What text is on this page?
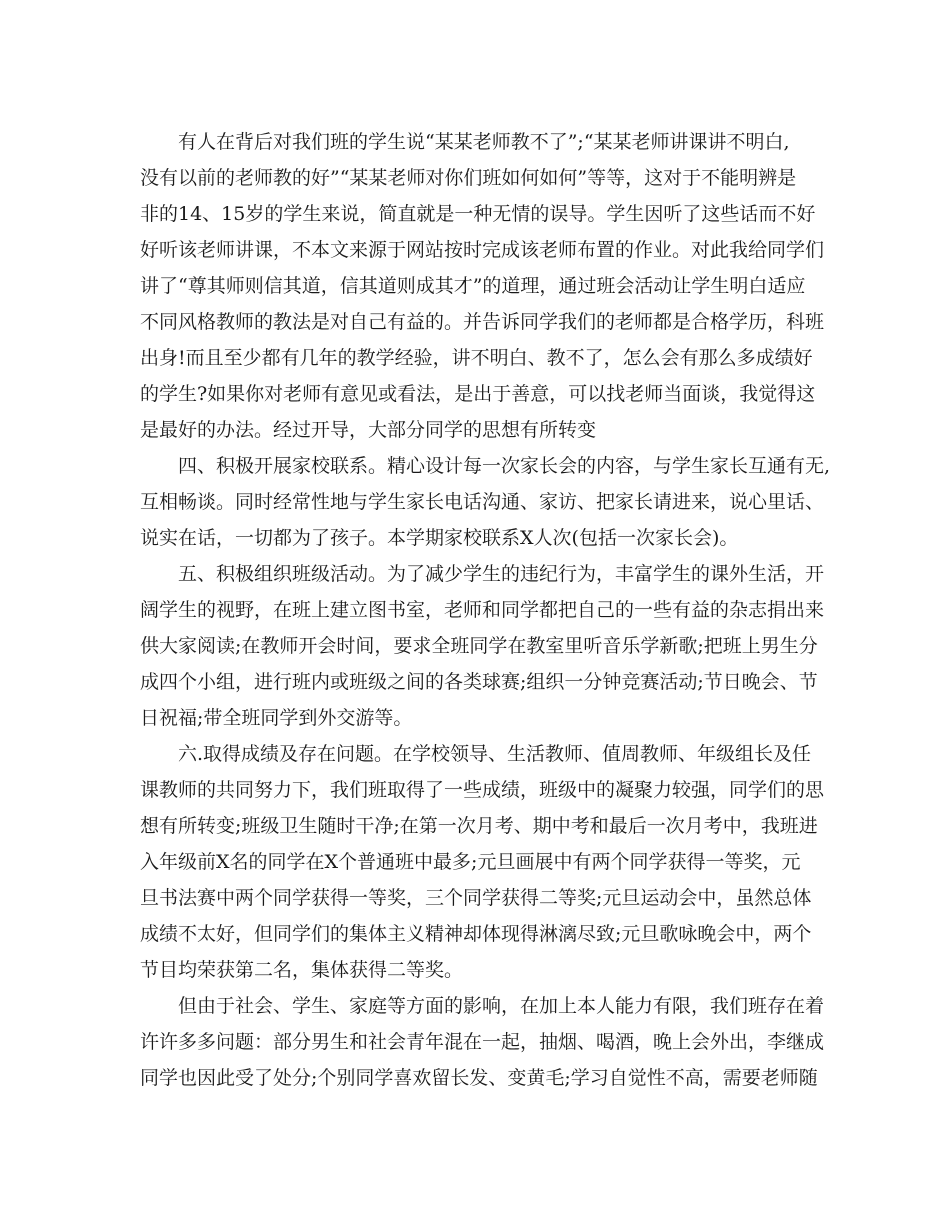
　　有人在背后对我们班的学生说“某某老师教不了”;“某某老师讲课讲不明白,

没有以前的老师教的好”“某某老师对你们班如何如何”等等，这对于不能明辨是

非的14、15岁的学生来说，简直就是一种无情的误导。学生因听了这些话而不好

好听该老师讲课，不本文来源于网站按时完成该老师布置的作业。对此我给同学们

讲了“尊其师则信其道，信其道则成其才”的道理，通过班会活动让学生明白适应

不同风格教师的教法是对自己有益的。并告诉同学我们的老师都是合格学历，科班

出身!而且至少都有几年的教学经验，讲不明白、教不了，怎么会有那么多成绩好

的学生?如果你对老师有意见或看法，是出于善意，可以找老师当面谈，我觉得这

是最好的办法。经过开导，大部分同学的思想有所转变

　　四、积极开展家校联系。精心设计每一次家长会的内容，与学生家长互通有无,

互相畅谈。同时经常性地与学生家长电话沟通、家访、把家长请进来，说心里话、

说实在话，一切都为了孩子。本学期家校联系X人次(包括一次家长会)。

　　五、积极组织班级活动。为了减少学生的违纪行为，丰富学生的课外生活，开

阔学生的视野，在班上建立图书室，老师和同学都把自己的一些有益的杂志捐出来

供大家阅读;在教师开会时间，要求全班同学在教室里听音乐学新歌;把班上男生分

成四个小组，进行班内或班级之间的各类球赛;组织一分钟竞赛活动;节日晚会、节

日祝福;带全班同学到外交游等。

　　六.取得成绩及存在问题。在学校领导、生活教师、值周教师、年级组长及任

课教师的共同努力下，我们班取得了一些成绩，班级中的凝聚力较强，同学们的思

想有所转变;班级卫生随时干净;在第一次月考、期中考和最后一次月考中，我班进

入年级前X名的同学在X个普通班中最多;元旦画展中有两个同学获得一等奖，元

旦书法赛中两个同学获得一等奖，三个同学获得二等奖;元旦运动会中，虽然总体

成绩不太好，但同学们的集体主义精神却体现得淋漓尽致;元旦歌咏晚会中，两个

节目均荣获第二名，集体获得二等奖。

　　但由于社会、学生、家庭等方面的影响，在加上本人能力有限，我们班存在着

许许多多问题：部分男生和社会青年混在一起，抽烟、喝酒，晚上会外出，李继成

同学也因此受了处分;个别同学喜欢留长发、变黄毛;学习自觉性不高，需要老师随
